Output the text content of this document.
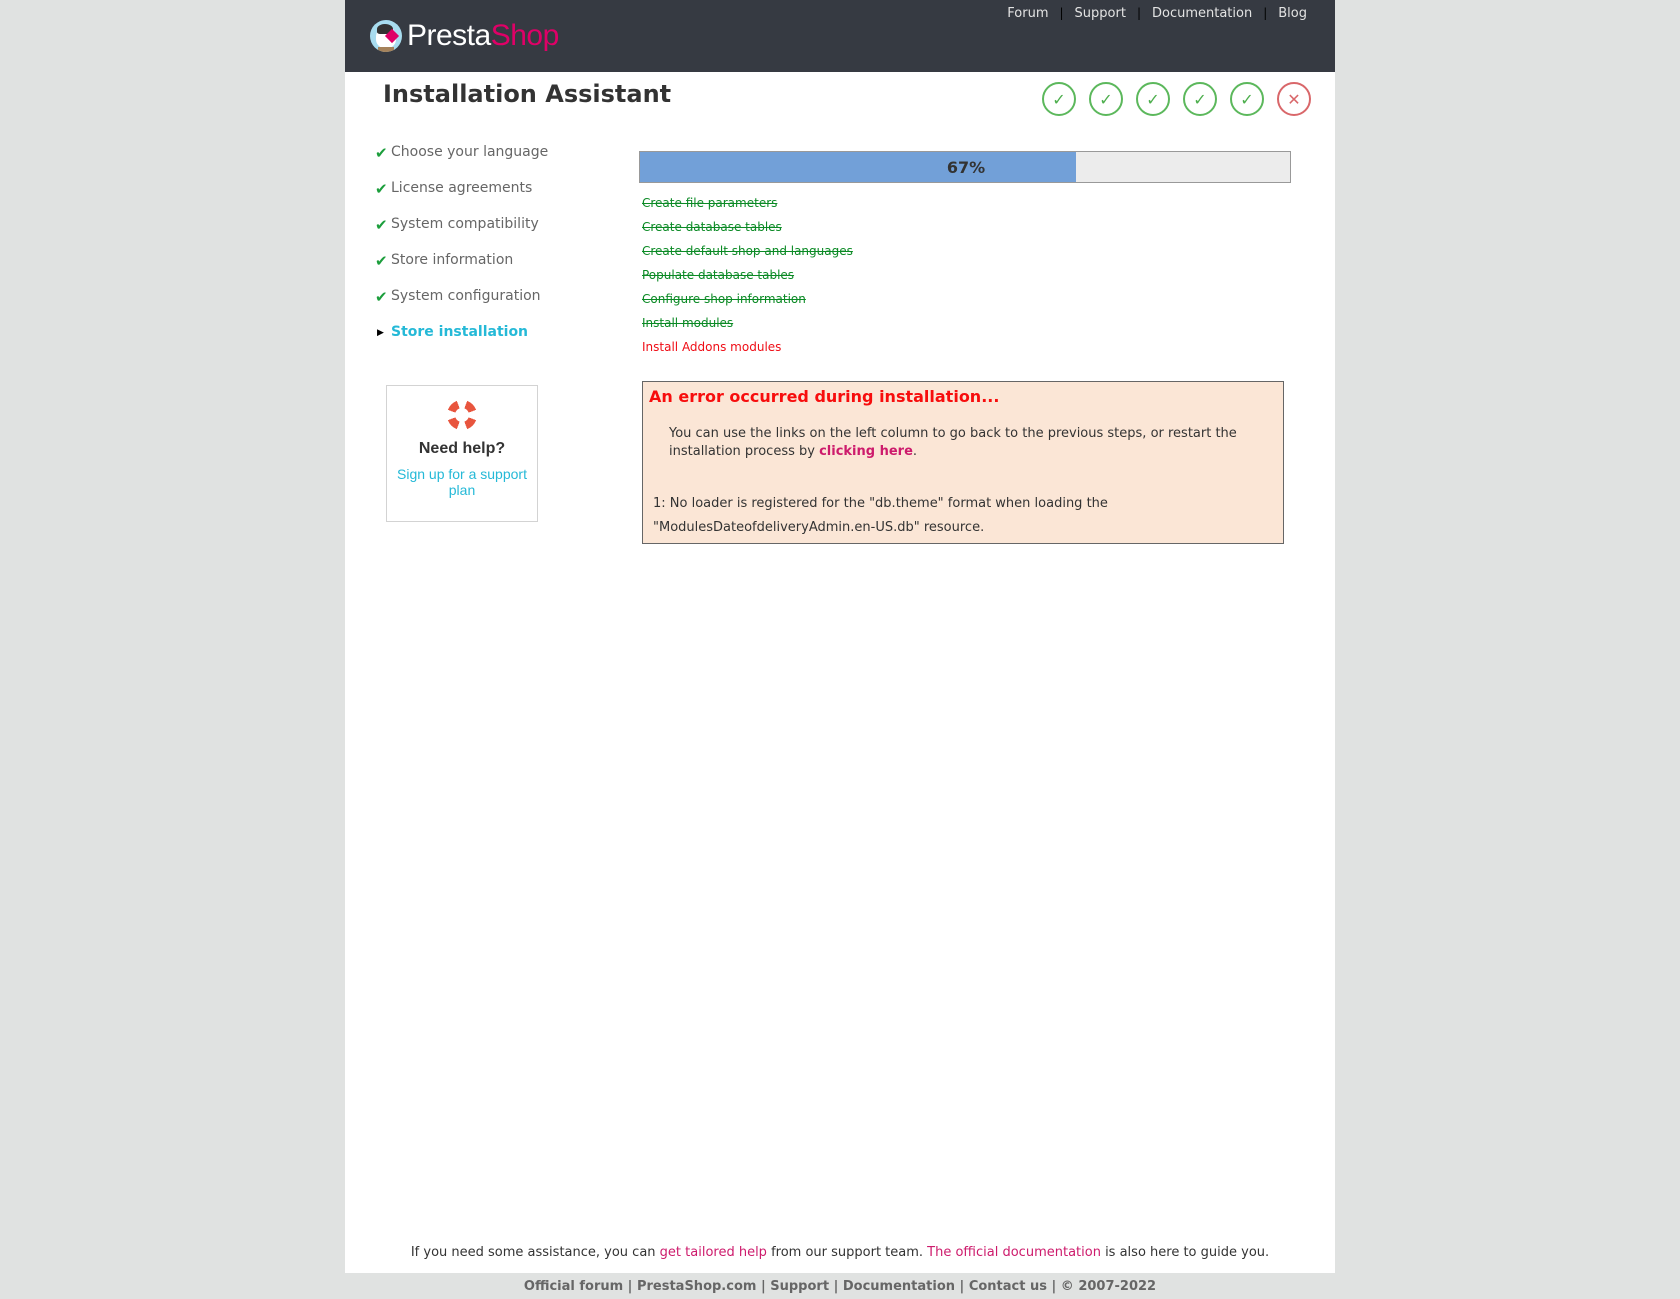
PrestaShop
Forum | Support | Documentation | Blog
Installation Assistant	✓	✓	✓	✓	✓	✕
✔ Choose your language
✔ License agreements
✔ System compatibility
✔ Store information
✔ System configuration
▶ Store installation
Need help?
Sign up for a support plan
67%
Create file parameters
Create database tables
Create default shop and languages
Populate database tables
Configure shop information
Install modules
Install Addons modules
An error occurred during installation...
You can use the links on the left column to go back to the previous steps, or restart the installation process by clicking here.
1: No loader is registered for the "db.theme" format when loading the "ModulesDateofdeliveryAdmin.en-US.db" resource.
If you need some assistance, you can get tailored help from our support team. The official documentation is also here to guide you.
Official forum | PrestaShop.com | Support | Documentation | Contact us | © 2007-2022
